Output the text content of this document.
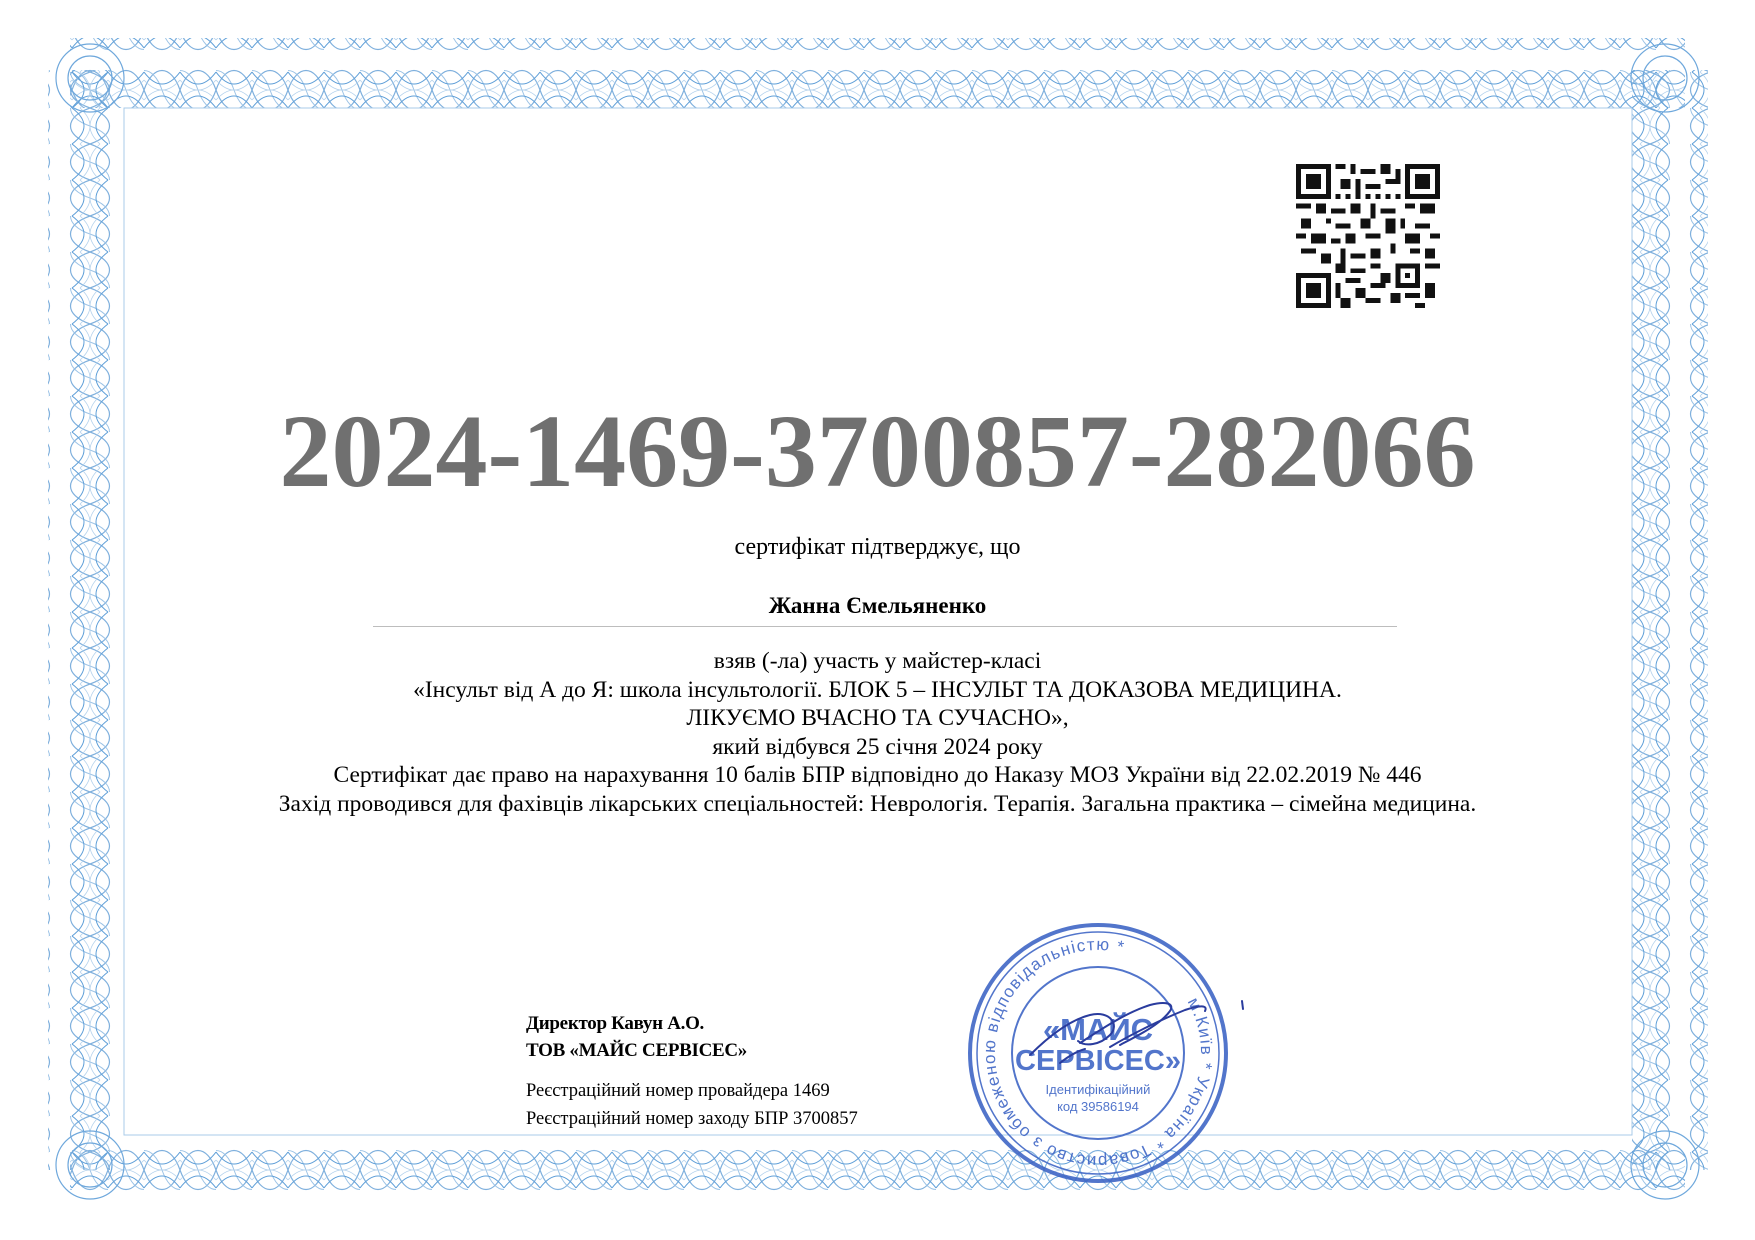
2024-1469-3700857-282066
сертифікат підтверджує, що
Жанна Ємельяненко
взяв (-ла) участь у майстер-класі
«Інсульт від А до Я: школа інсультології. БЛОК 5 – ІНСУЛЬТ ТА ДОКАЗОВА МЕДИЦИНА.
ЛІКУЄМО ВЧАСНО ТА СУЧАСНО»,
який відбувся 25 січня 2024 року
Сертифікат дає право на нарахування 10 балів БПР відповідно до Наказу МОЗ України від 22.02.2019 № 446
Захід проводився для фахівців лікарських спеціальностей: Неврологія. Терапія. Загальна практика – сімейна медицина.
Директор Кавун А.О.
ТОВ «МАЙС СЕРВІСЕС»
Реєстраційний номер провайдера 1469
Реєстраційний номер заходу БПР 3700857
м.Київ * Україна * Товариство з обмеженою відповідальністю *
«МАЙС
СЕРВІСЕС»
Ідентифікаційний
код 39586194
